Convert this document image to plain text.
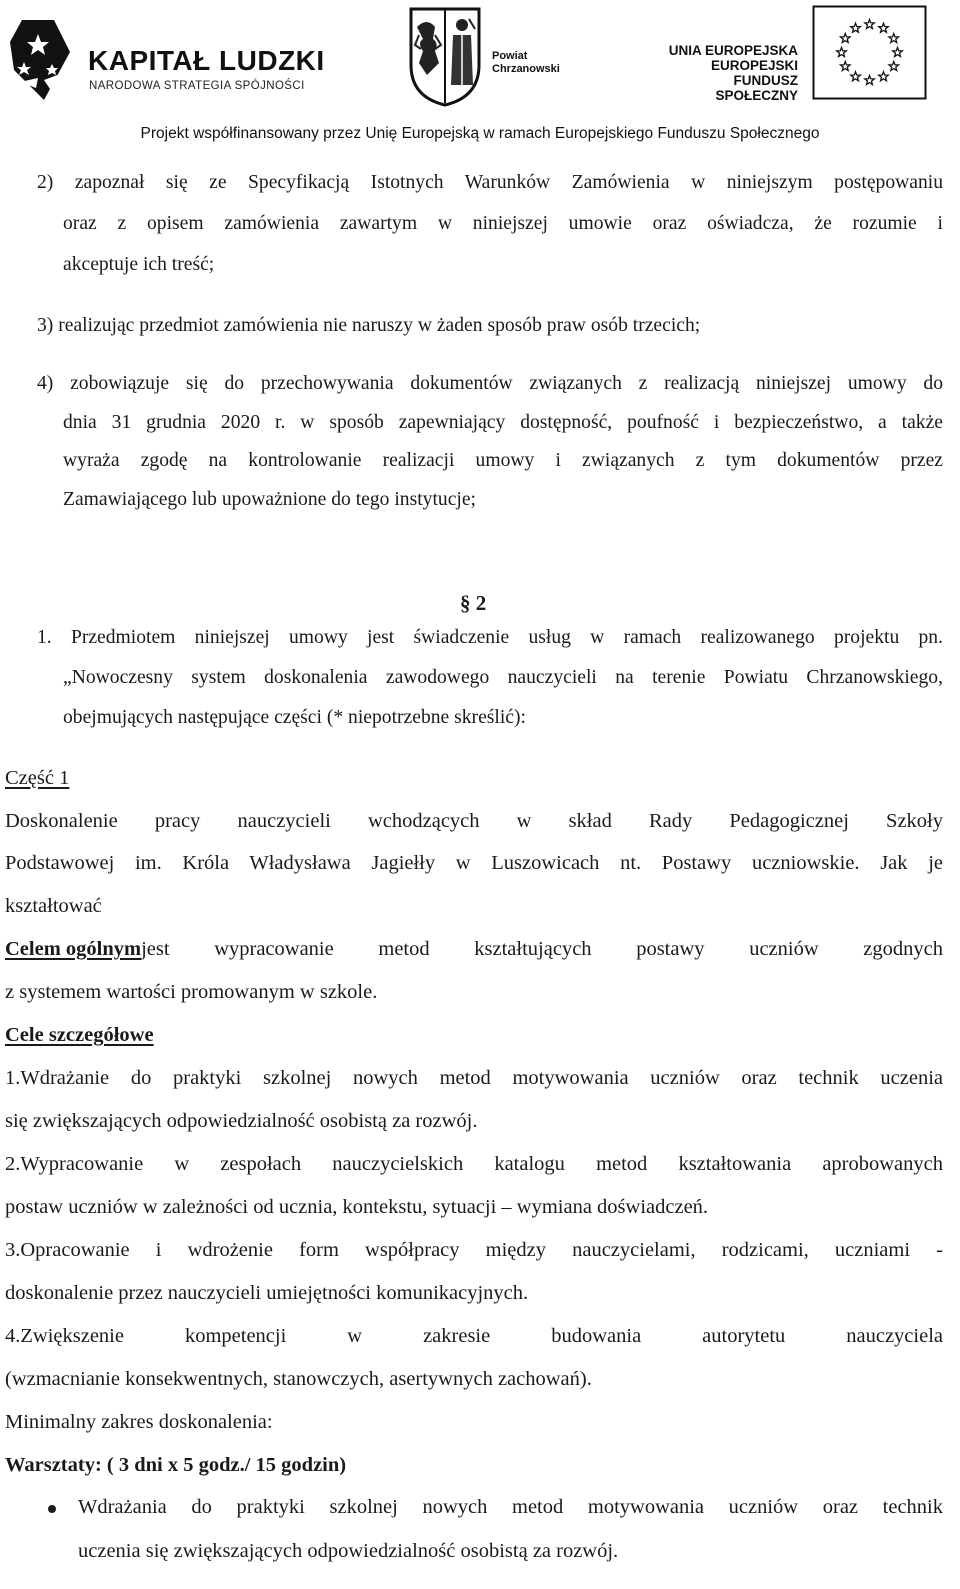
KAPITAŁ LUDZKI
NARODOWA STRATEGIA SPÓJNOŚCI
Powiat
Chrzanowski
UNIA EUROPEJSKA
EUROPEJSKI
FUNDUSZ SPOŁECZNY
Projekt współfinansowany przez Unię Europejską w ramach Europejskiego Funduszu Społecznego
2) zapoznał się ze Specyfikacją Istotnych Warunków Zamówienia w niniejszym postępowaniu
oraz z opisem zamówienia zawartym w niniejszej umowie oraz oświadcza, że rozumie i
akceptuje ich treść;
3) realizując przedmiot zamówienia nie naruszy w żaden sposób praw osób trzecich;
4) zobowiązuje się do przechowywania dokumentów związanych z realizacją niniejszej umowy do
dnia 31 grudnia 2020 r. w sposób zapewniający dostępność, poufność i bezpieczeństwo, a także
wyraża zgodę na kontrolowanie realizacji umowy i związanych z tym dokumentów przez
Zamawiającego lub upoważnione do tego instytucje;
§ 2
1. Przedmiotem niniejszej umowy jest świadczenie usług w ramach realizowanego projektu pn.
„Nowoczesny system doskonalenia zawodowego nauczycieli na terenie Powiatu Chrzanowskiego,
obejmujących następujące części (* niepotrzebne skreślić):
Część 1
Doskonalenie pracy nauczycieli wchodzących w skład Rady Pedagogicznej Szkoły
Podstawowej im. Króla Władysława Jagiełły w Luszowicach nt. Postawy uczniowskie. Jak je
kształtować
Celem ogólnym jest wypracowanie metod kształtujących postawy uczniów zgodnych
z systemem wartości promowanym w szkole.
Cele szczegółowe
1.Wdrażanie do praktyki szkolnej nowych metod motywowania uczniów oraz technik uczenia
się zwiększających odpowiedzialność osobistą za rozwój.
2.Wypracowanie w zespołach nauczycielskich katalogu metod kształtowania aprobowanych
postaw uczniów w zależności od ucznia, kontekstu, sytuacji – wymiana doświadczeń.
3.Opracowanie i wdrożenie form współpracy między nauczycielami, rodzicami, uczniami -
doskonalenie przez nauczycieli umiejętności komunikacyjnych.
4.Zwiększenie kompetencji w zakresie budowania autorytetu nauczyciela
(wzmacnianie konsekwentnych, stanowczych, asertywnych zachowań).
Minimalny zakres doskonalenia:
Warsztaty: ( 3 dni x 5 godz./ 15 godzin)
Wdrażania do praktyki szkolnej nowych metod motywowania uczniów oraz technik
uczenia się zwiększających odpowiedzialność osobistą za rozwój.
